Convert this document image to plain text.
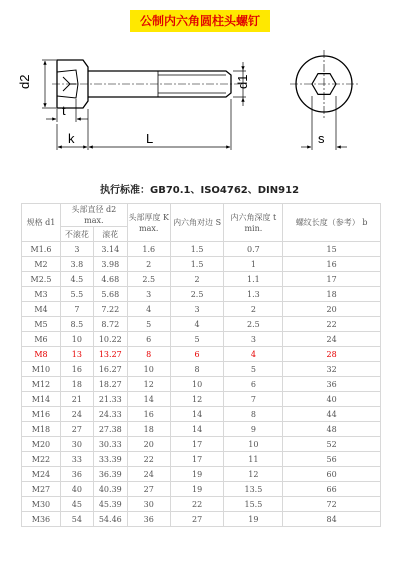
公制内六角圆柱头螺钉
d2	d1
t
k	L	s
执行标准：GB70.1、ISO4762、DIN912
规格 d1	头部直径 d2 max.		头部厚度 K max.	内六角对边 S	内六角深度 t min.	螺纹长度（参考） b
	不滚花	滚花				
M1.6	3	3.14	1.6	1.5	0.7	15
M2	3.8	3.98	2	1.5	1	16
M2.5	4.5	4.68	2.5	2	1.1	17
M3	5.5	5.68	3	2.5	1.3	18
M4	7	7.22	4	3	2	20
M5	8.5	8.72	5	4	2.5	22
M6	10	10.22	6	5	3	24
M8	13	13.27	8	6	4	28
M10	16	16.27	10	8	5	32
M12	18	18.27	12	10	6	36
M14	21	21.33	14	12	7	40
M16	24	24.33	16	14	8	44
M18	27	27.38	18	14	9	48
M20	30	30.33	20	17	10	52
M22	33	33.39	22	17	11	56
M24	36	36.39	24	19	12	60
M27	40	40.39	27	19	13.5	66
M30	45	45.39	30	22	15.5	72
M36	54	54.46	36	27	19	84
